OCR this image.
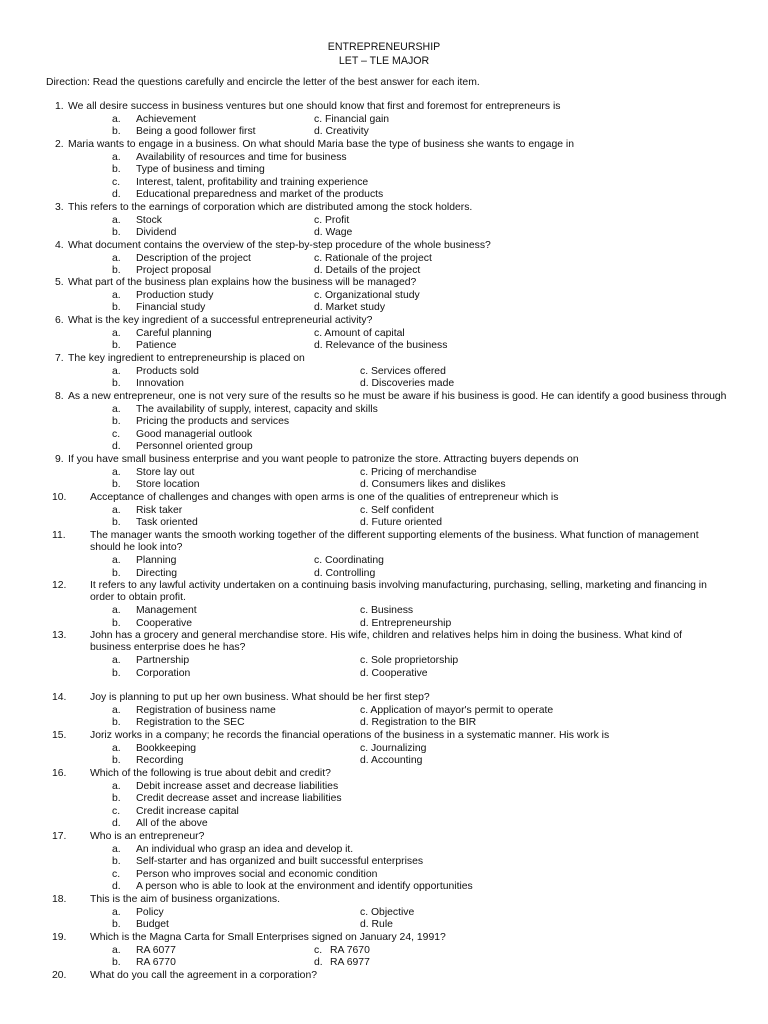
ENTREPRENEURSHIP
LET – TLE MAJOR
Direction: Read the questions carefully and encircle the letter of the best answer for each item.
1. We all desire success in business ventures but one should know that first and foremost for entrepreneurs is
a. Achievement	c. Financial gain
b. Being a good follower first	d. Creativity
2. Maria wants to engage in a business. On what should Maria base the type of business she wants to engage in
a. Availability of resources and time for business
b. Type of business and timing
c. Interest, talent, profitability and training experience
d. Educational preparedness and market of the products
3. This refers to the earnings of corporation which are distributed among the stock holders.
a. Stock	c. Profit
b. Dividend	d. Wage
4. What document contains the overview of the step-by-step procedure of the whole business?
a. Description of the project	c. Rationale of the project
b. Project proposal	d. Details of the project
5. What part of the business plan explains how the business will be managed?
a. Production study	c. Organizational study
b. Financial study	d. Market study
6. What is the key ingredient of a successful entrepreneurial activity?
a. Careful planning	c. Amount of capital
b. Patience	d. Relevance of the business
7. The key ingredient to entrepreneurship is placed on
a. Products sold	c. Services offered
b. Innovation	d. Discoveries made
8. As a new entrepreneur, one is not very sure of the results so he must be aware if his business is good. He can identify a good business through
a. The availability of supply, interest, capacity and skills
b. Pricing the products and services
c. Good managerial outlook
d. Personnel oriented group
9. If you have small business enterprise and you want people to patronize the store. Attracting buyers depends on
a. Store lay out	c. Pricing of merchandise
b. Store location	d. Consumers likes and dislikes
10. Acceptance of challenges and changes with open arms is one of the qualities of entrepreneur which is
a. Risk taker	c. Self confident
b. Task oriented	d. Future oriented
11. The manager wants the smooth working together of the different supporting elements of the business. What function of management should he look into?
a. Planning	c. Coordinating
b. Directing	d. Controlling
12. It refers to any lawful activity undertaken on a continuing basis involving manufacturing, purchasing, selling, marketing and financing in order to obtain profit.
a. Management	c. Business
b. Cooperative	d. Entrepreneurship
13. John has a grocery and general merchandise store. His wife, children and relatives helps him in doing the business. What kind of business enterprise does he has?
a. Partnership	c. Sole proprietorship
b. Corporation	d. Cooperative
14. Joy is planning to put up her own business. What should be her first step?
a. Registration of business name	c. Application of mayor's permit to operate
b. Registration to the SEC	d. Registration to the BIR
15. Joriz works in a company; he records the financial operations of the business in a systematic manner. His work is
a. Bookkeeping	c. Journalizing
b. Recording	d. Accounting
16. Which of the following is true about debit and credit?
a. Debit increase asset and decrease liabilities
b. Credit decrease asset and increase liabilities
c. Credit increase capital
d. All of the above
17. Who is an entrepreneur?
a. An individual who grasp an idea and develop it.
b. Self-starter and has organized and built successful enterprises
c. Person who improves social and economic condition
d. A person who is able to look at the environment and identify opportunities
18. This is the aim of business organizations.
a. Policy	c. Objective
b. Budget	d. Rule
19. Which is the Magna Carta for Small Enterprises signed on January 24, 1991?
a. RA 6077	c. RA 7670
b. RA 6770	d. RA 6977
20. What do you call the agreement in a corporation?
